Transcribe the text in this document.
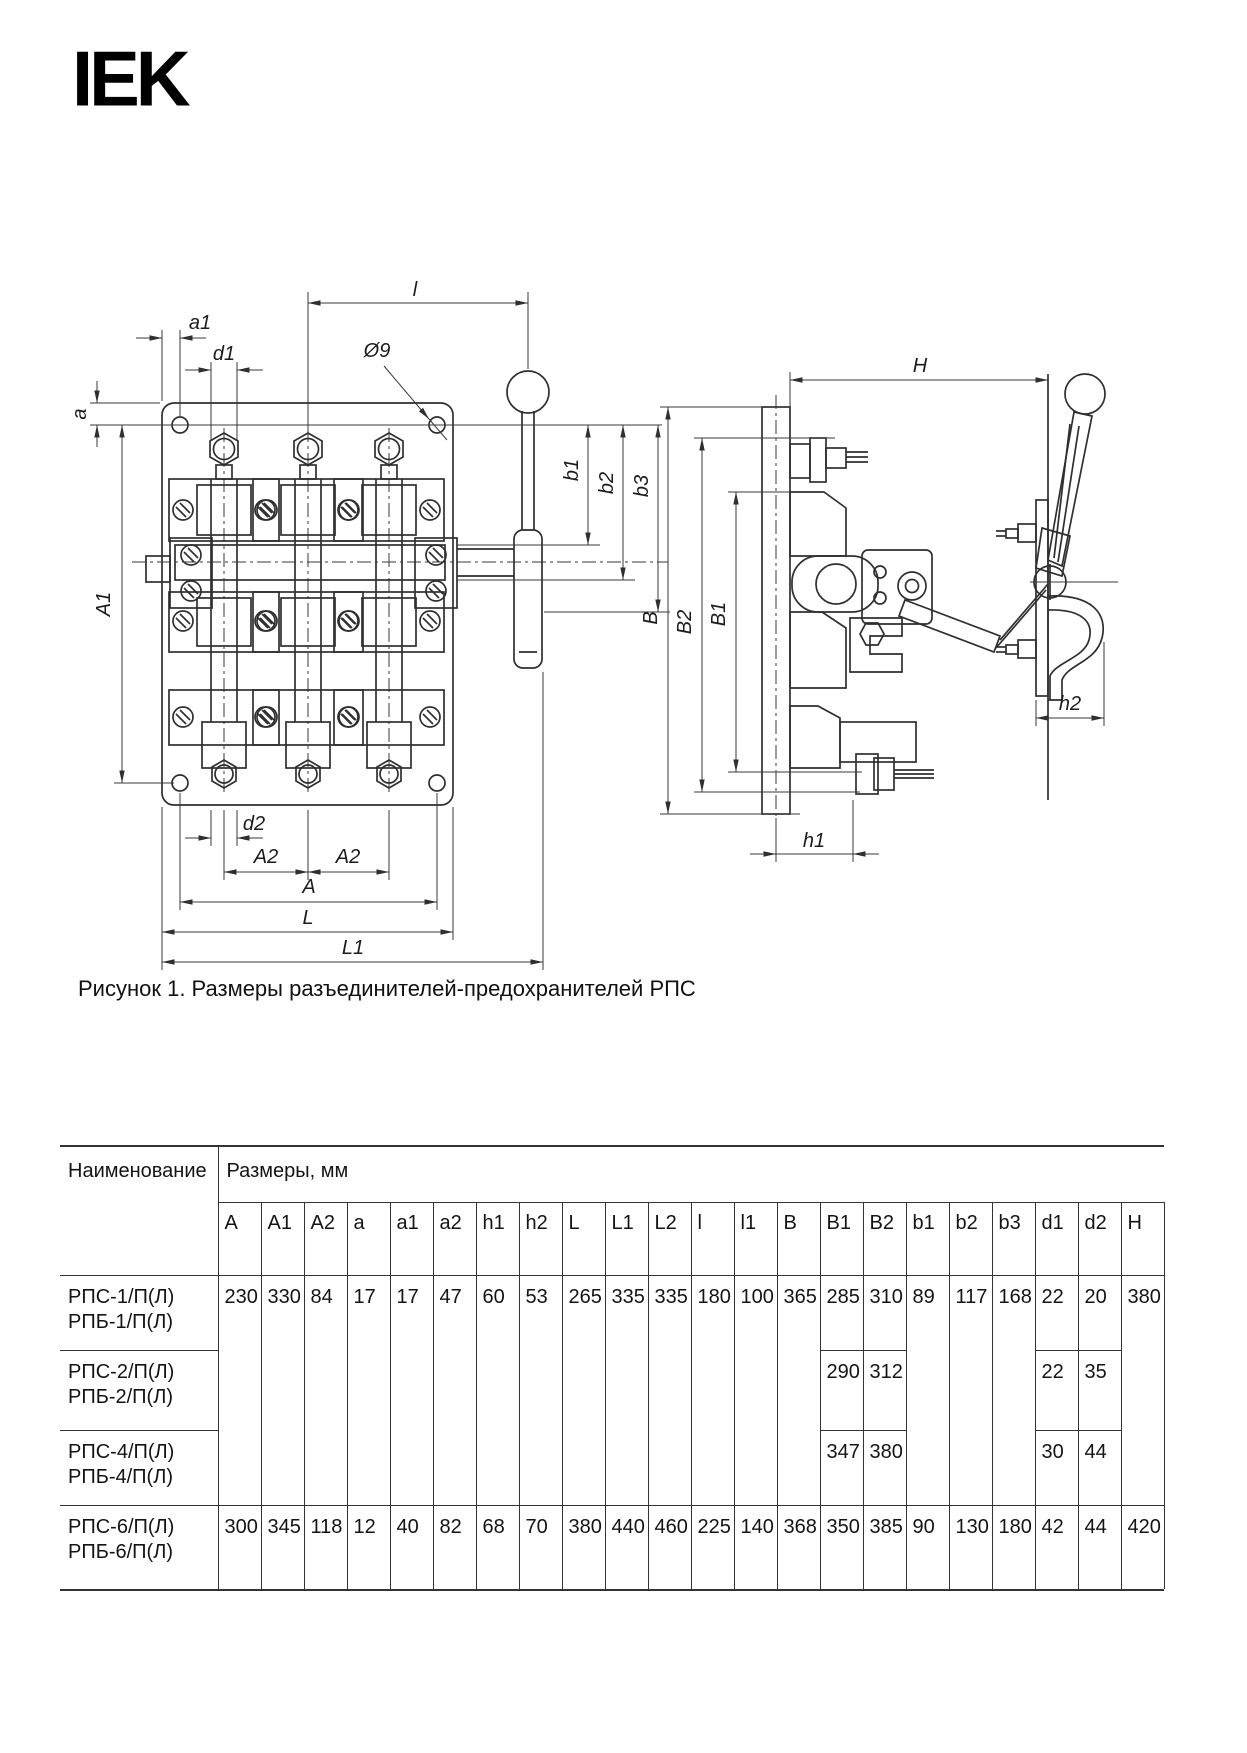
IEK
l
a1
a
d1	Ø9
b1
b2 b3
A1
d2
A2	A2
A
L
L1
H
B B2 B1
h1
h2
Рисунок 1. Размеры разъединителей-предохранителей РПС
Наименование	Размеры, мм																					
	A	A1	A2	a	a1	a2	h1	h2	L	L1	L2	l	l1	B	B1	B2	b1	b2	b3	d1	d2	H

РПС-1/П(Л)
РПБ-1/П(Л)	230	330	84	17	17	47	60	53	265	335	335	180	100	365	285	310	89	117	168	22	20	380

РПС-2/П(Л)
РПБ-2/П(Л)															290	312				22	35	

РПС-4/П(Л)
РПБ-4/П(Л)															347	380				30	44	

РПС-6/П(Л)
РПБ-6/П(Л)	300	345	118	12	40	82	68	70	380	440	460	225	140	368	350	385	90	130	180	42	44	420
